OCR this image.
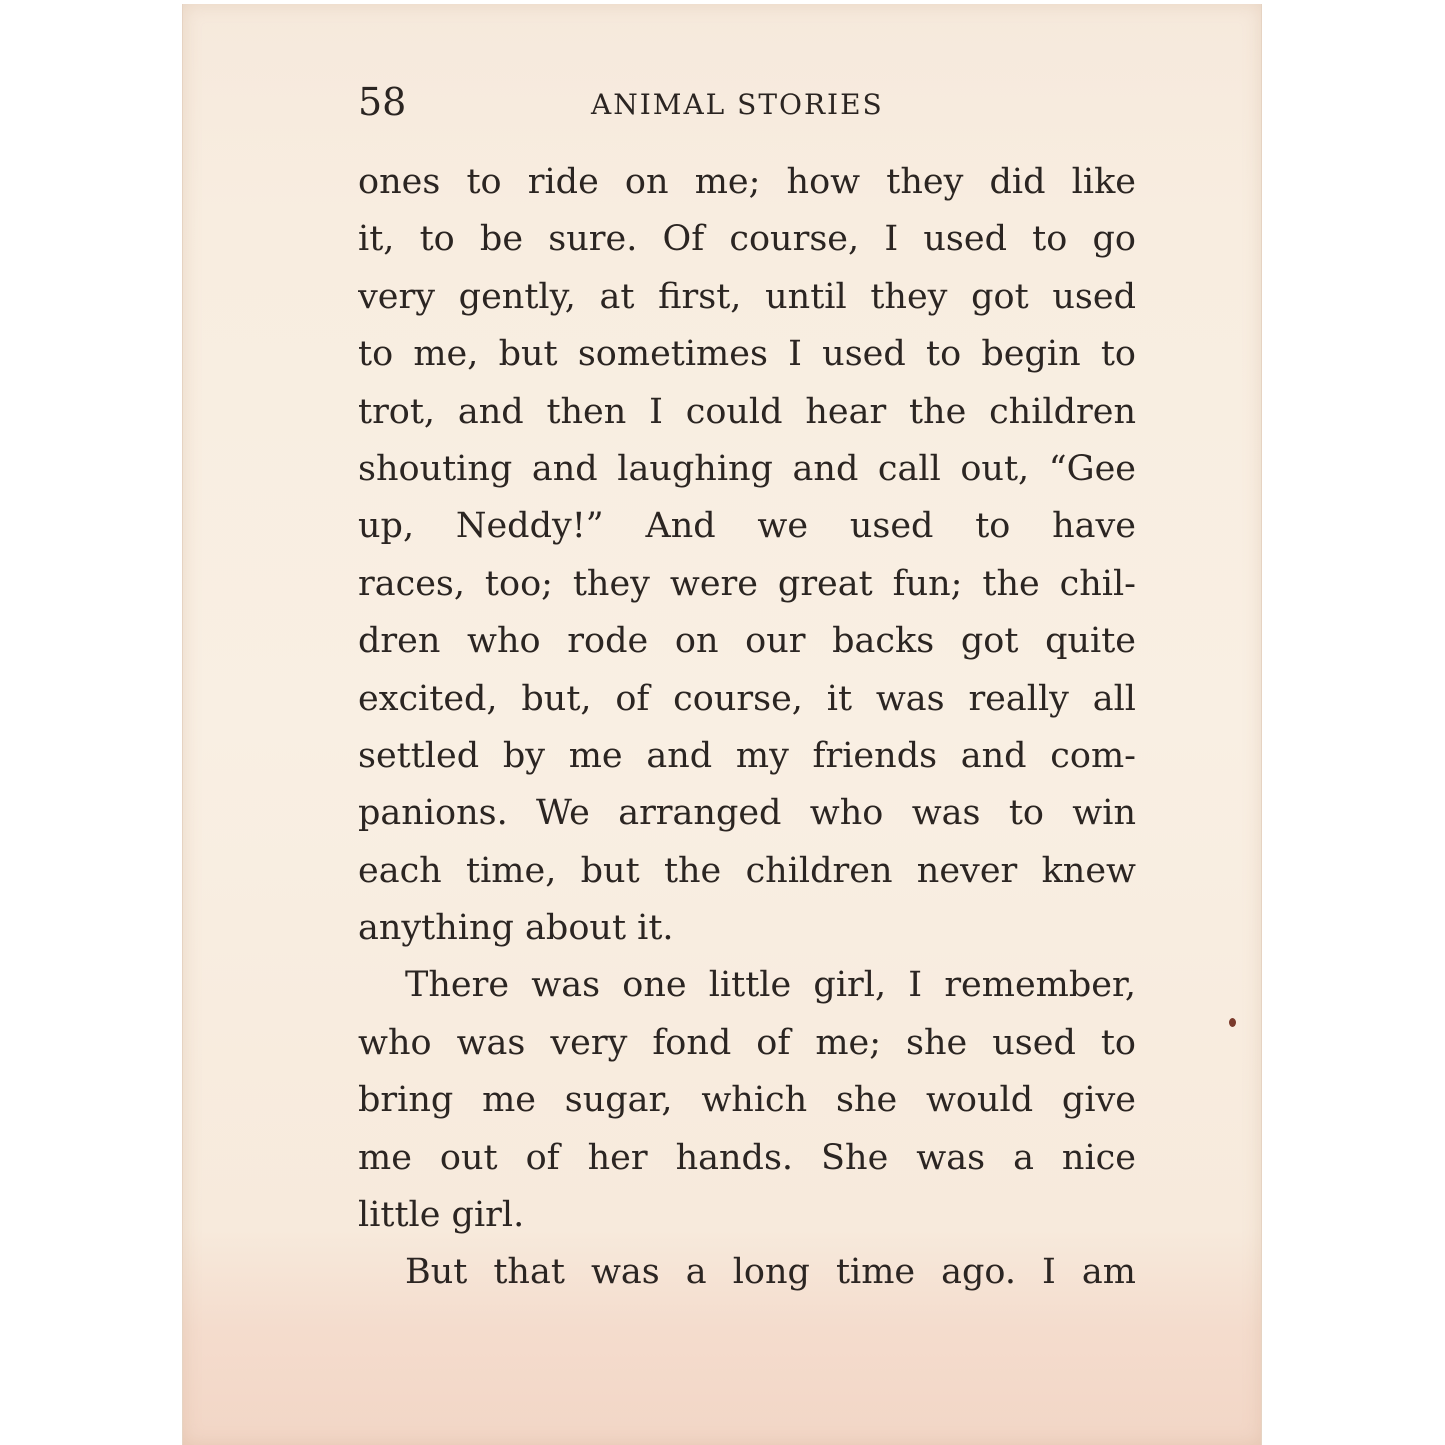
58	ANIMAL STORIES
ones to ride on me; how they did like
it, to be sure. Of course, I used to go
very gently, at first, until they got used
to me, but sometimes I used to begin to
trot, and then I could hear the children
shouting and laughing and call out, “Gee
up, Neddy!” And we used to have
races, too; they were great fun; the chil-
dren who rode on our backs got quite
excited, but, of course, it was really all
settled by me and my friends and com-
panions. We arranged who was to win
each time, but the children never knew
anything about it.
There was one little girl, I remember,
who was very fond of me; she used to
bring me sugar, which she would give
me out of her hands. She was a nice
little girl.
But that was a long time ago. I am
